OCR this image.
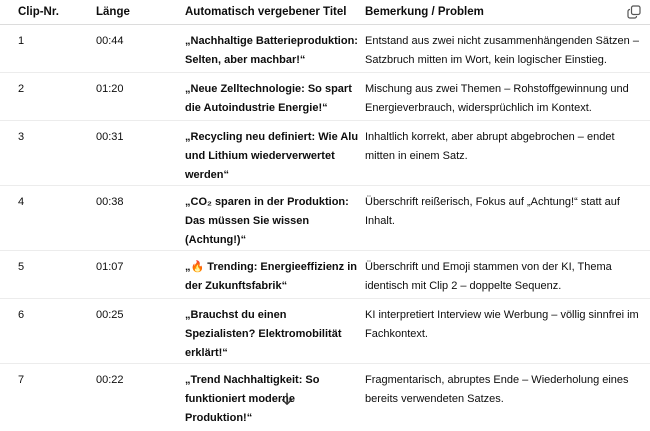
Clip-Nr.	Länge	Automatisch vergebener Titel	Bemerkung / Problem
1	00:44	„Nachhaltige Batterieproduktion: Selten, aber machbar!“	Entstand aus zwei nicht zusammenhängenden Sätzen – Satzbruch mitten im Wort, kein logischer Einstieg.
2	01:20	„Neue Zelltechnologie: So spart die Autoindustrie Energie!“	Mischung aus zwei Themen – Rohstoffgewinnung und Energieverbrauch, widersprüchlich im Kontext.
3	00:31	„Recycling neu definiert: Wie Alu und Lithium wiederverwertet werden“	Inhaltlich korrekt, aber abrupt abgebrochen – endet mitten in einem Satz.
4	00:38	„CO₂ sparen in der Produktion: Das müssen Sie wissen (Achtung!)“	Überschrift reißerisch, Fokus auf „Achtung!“ statt auf Inhalt.
5	01:07	„🔥 Trending: Energieeffizienz in der Zukunftsfabrik“	Überschrift und Emoji stammen von der KI, Thema identisch mit Clip 2 – doppelte Sequenz.
6	00:25	„Brauchst du einen Spezialisten? Elektromobilität erklärt!“	KI interpretiert Interview wie Werbung – völlig sinnfrei im Fachkontext.
7	00:22	„Trend Nachhaltigkeit: So funktioniert moderne Produktion!“	Fragmentarisch, abruptes Ende – Wiederholung eines bereits verwendeten Satzes.
